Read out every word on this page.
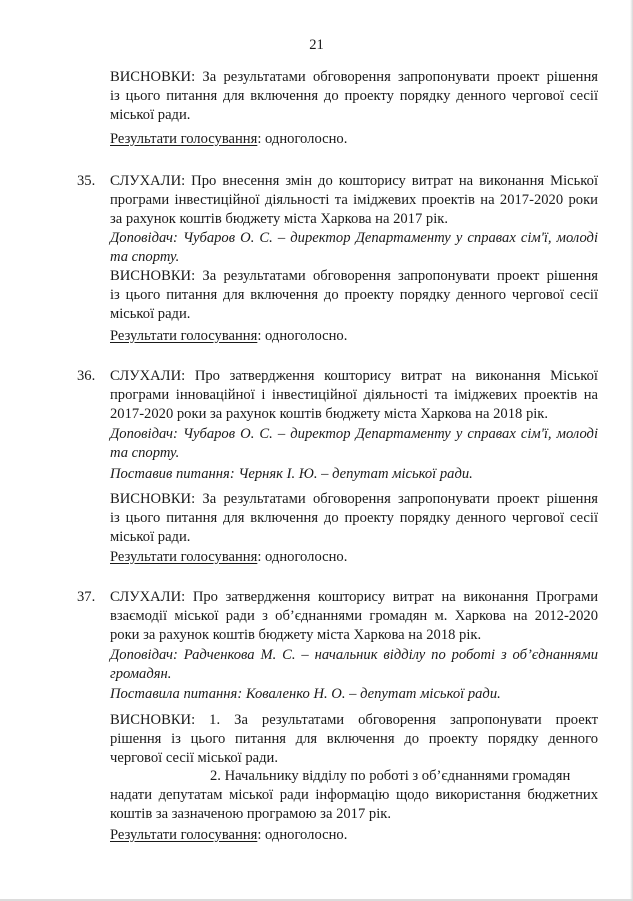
21
ВИСНОВКИ: За результатами обговорення запропонувати проект рішення
із цього питання для включення до проекту порядку денного чергової сесії
міської ради.
Результати голосування: одноголосно.
35.	СЛУХАЛИ: Про внесення змін до кошторису витрат на виконання Міської
програми інвестиційної діяльності та іміджевих проектів на 2017-2020 роки
за рахунок коштів бюджету міста Харкова на 2017 рік.
Доповідач: Чубаров О. С. – директор Департаменту у справах сім'ї, молоді
та спорту.
ВИСНОВКИ: За результатами обговорення запропонувати проект рішення
із цього питання для включення до проекту порядку денного чергової сесії
міської ради.
Результати голосування: одноголосно.
36.	СЛУХАЛИ: Про затвердження кошторису витрат на виконання Міської
програми інноваційної і інвестиційної діяльності та іміджевих проектів на
2017-2020 роки за рахунок коштів бюджету міста Харкова на 2018 рік.
Доповідач: Чубаров О. С. – директор Департаменту у справах сім'ї, молоді
та спорту.
Поставив питання: Черняк І. Ю. – депутат міської ради.
ВИСНОВКИ: За результатами обговорення запропонувати проект рішення
із цього питання для включення до проекту порядку денного чергової сесії
міської ради.
Результати голосування: одноголосно.
37.	СЛУХАЛИ: Про затвердження кошторису витрат на виконання Програми
взаємодії міської ради з об’єднаннями громадян м. Харкова на 2012-2020
роки за рахунок коштів бюджету міста Харкова на 2018 рік.
Доповідач: Радченкова М. С. – начальник відділу по роботі з об’єднаннями
громадян.
Поставила питання: Коваленко Н. О. – депутат міської ради.
ВИСНОВКИ: 1. За результатами обговорення запропонувати проект
рішення із цього питання для включення до проекту порядку денного
чергової сесії міської ради.
2. Начальнику відділу по роботі з об’єднаннями громадян
надати депутатам міської ради інформацію щодо використання бюджетних
коштів за зазначеною програмою за 2017 рік.
Результати голосування: одноголосно.
